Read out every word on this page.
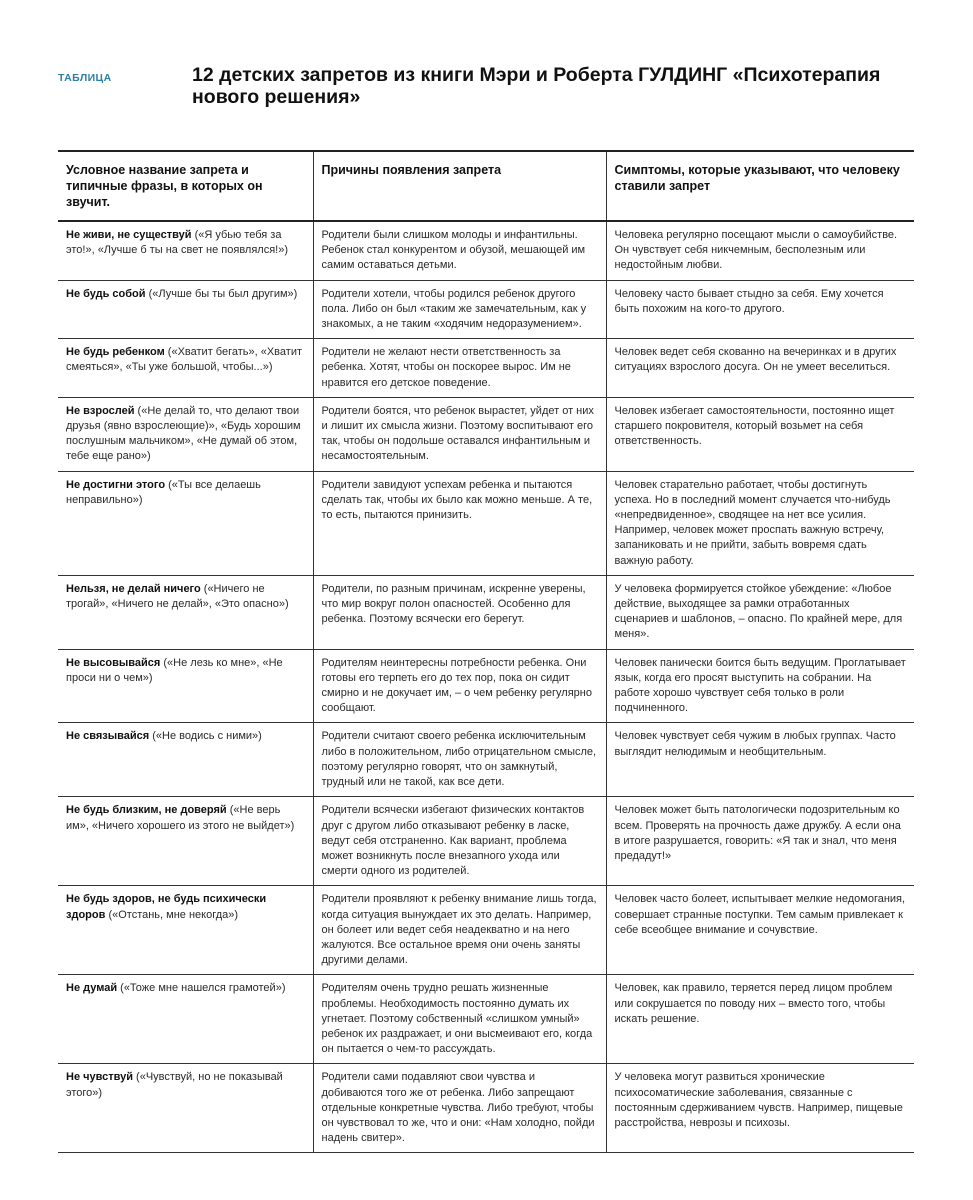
ТАБЛИЦА	12 детских запретов из книги Мэри и Роберта ГУЛДИНГ «Психотерапия нового решения»
Условное название запрета и типичные фразы, в которых он звучит.	Причины появления запрета	Симптомы, которые указывают, что человеку ставили запрет
Не живи, не существуй («Я убью тебя за это!», «Лучше б ты на свет не появлялся!»)	Родители были слишком молоды и инфантильны. Ребенок стал конкурентом и обузой, мешающей им самим оставаться детьми.	Человека регулярно посещают мысли о самоубийстве. Он чувствует себя никчемным, бесполезным или недостойным любви.
Не будь собой («Лучше бы ты был другим»)	Родители хотели, чтобы родился ребенок другого пола. Либо он был «таким же замечательным, как у знакомых, а не таким «ходячим недоразумением».	Человеку часто бывает стыдно за себя. Ему хочется быть похожим на кого-то другого.
Не будь ребенком («Хватит бегать», «Хватит смеяться», «Ты уже большой, чтобы...»)	Родители не желают нести ответственность за ребенка. Хотят, чтобы он поскорее вырос. Им не нравится его детское поведение.	Человек ведет себя скованно на вечеринках и в других ситуациях взрослого досуга. Он не умеет веселиться.
Не взрослей («Не делай то, что делают твои друзья (явно взрослеющие)», «Будь хорошим послушным мальчиком», «Не думай об этом, тебе еще рано»)	Родители боятся, что ребенок вырастет, уйдет от них и лишит их смысла жизни. Поэтому воспитывают его так, чтобы он подольше оставался инфантильным и несамостоятельным.	Человек избегает самостоятельности, постоянно ищет старшего покровителя, который возьмет на себя ответственность.
Не достигни этого («Ты все делаешь неправильно»)	Родители завидуют успехам ребенка и пытаются сделать так, чтобы их было как можно меньше. А те, то есть, пытаются принизить.	Человек старательно работает, чтобы достигнуть успеха. Но в последний момент случается что-нибудь «непредвиденное», сводящее на нет все усилия. Например, человек может проспать важную встречу, запаниковать и не прийти, забыть вовремя сдать важную работу.
Нельзя, не делай ничего («Ничего не трогай», «Ничего не делай», «Это опасно»)	Родители, по разным причинам, искренне уверены, что мир вокруг полон опасностей. Особенно для ребенка. Поэтому всячески его берегут.	У человека формируется стойкое убеждение: «Любое действие, выходящее за рамки отработанных сценариев и шаблонов, – опасно. По крайней мере, для меня».
Не высовывайся («Не лезь ко мне», «Не проси ни о чем»)	Родителям неинтересны потребности ребенка. Они готовы его терпеть его до тех пор, пока он сидит смирно и не докучает им, – о чем ребенку регулярно сообщают.	Человек панически боится быть ведущим. Проглатывает язык, когда его просят выступить на собрании. На работе хорошо чувствует себя только в роли подчиненного.
Не связывайся («Не водись с ними»)	Родители считают своего ребенка исключительным либо в положительном, либо отрицательном смысле, поэтому регулярно говорят, что он замкнутый, трудный или не такой, как все дети.	Человек чувствует себя чужим в любых группах. Часто выглядит нелюдимым и необщительным.
Не будь близким, не доверяй («Не верь им», «Ничего хорошего из этого не выйдет»)	Родители всячески избегают физических контактов друг с другом либо отказывают ребенку в ласке, ведут себя отстраненно. Как вариант, проблема может возникнуть после внезапного ухода или смерти одного из родителей.	Человек может быть патологически подозрительным ко всем. Проверять на прочность даже дружбу. А если она в итоге разрушается, говорить: «Я так и знал, что меня предадут!»
Не будь здоров, не будь психически здоров («Отстань, мне некогда»)	Родители проявляют к ребенку внимание лишь тогда, когда ситуация вынуждает их это делать. Например, он болеет или ведет себя неадекватно и на него жалуются. Все остальное время они очень заняты другими делами.	Человек часто болеет, испытывает мелкие недомогания, совершает странные поступки. Тем самым привлекает к себе всеобщее внимание и сочувствие.
Не думай («Тоже мне нашелся грамотей»)	Родителям очень трудно решать жизненные проблемы. Необходимость постоянно думать их угнетает. Поэтому собственный «слишком умный» ребенок их раздражает, и они высмеивают его, когда он пытается о чем-то рассуждать.	Человек, как правило, теряется перед лицом проблем или сокрушается по поводу них – вместо того, чтобы искать решение.
Не чувствуй («Чувствуй, но не показывай этого»)	Родители сами подавляют свои чувства и добиваются того же от ребенка. Либо запрещают отдельные конкретные чувства. Либо требуют, чтобы он чувствовал то же, что и они: «Нам холодно, пойди надень свитер».	У человека могут развиться хронические психосоматические заболевания, связанные с постоянным сдерживанием чувств. Например, пищевые расстройства, неврозы и психозы.
